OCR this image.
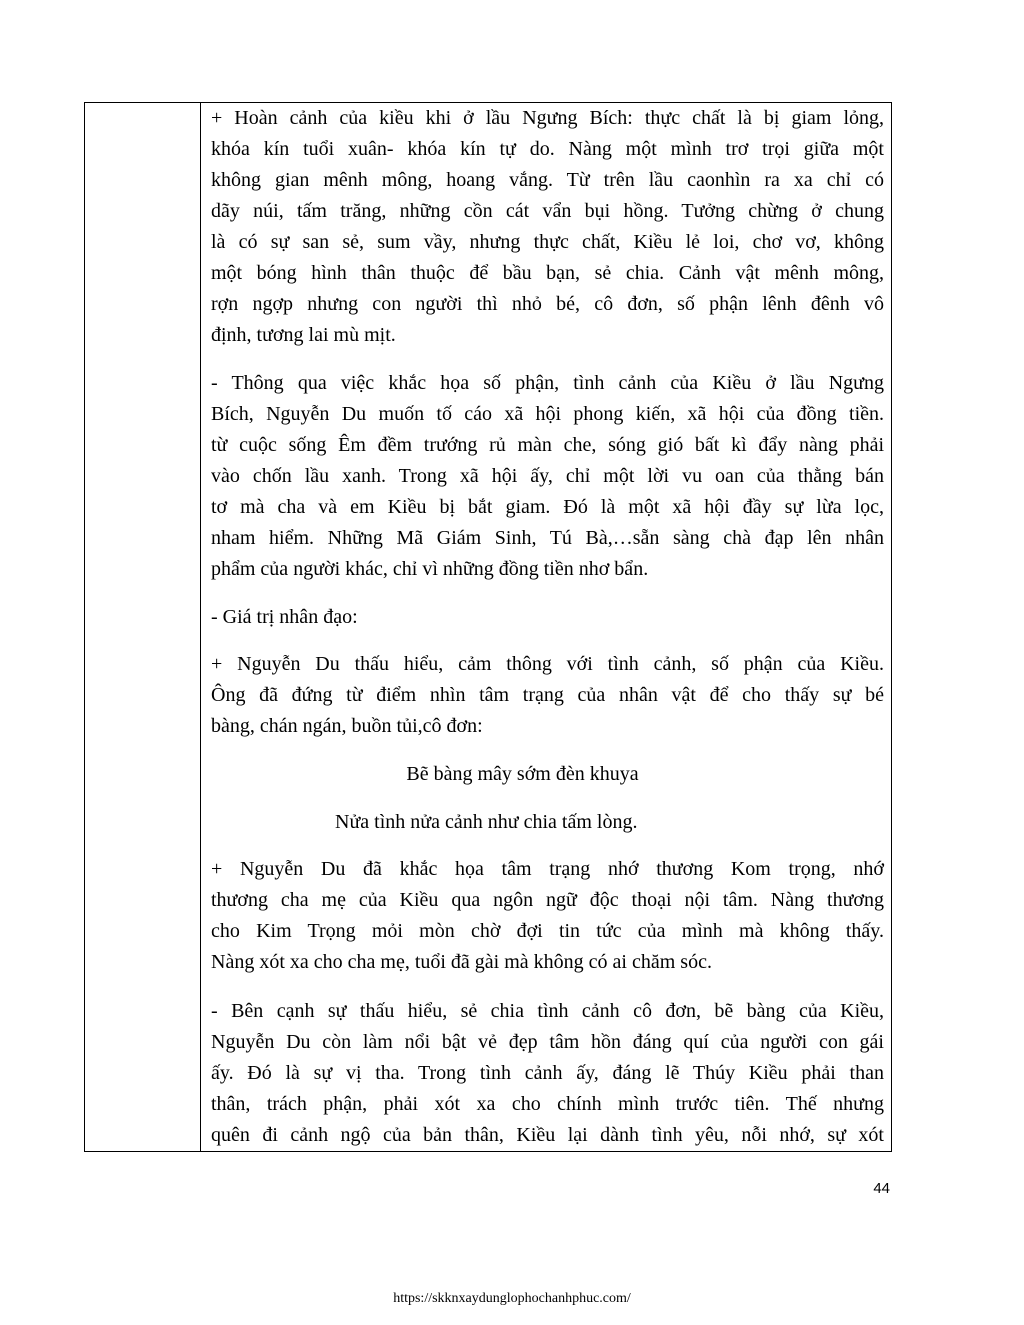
+ Hoàn cảnh của kiều khi ở lầu Ngưng Bích: thực chất là bị giam lỏng,
khóa kín tuổi xuân- khóa kín tự do. Nàng một mình trơ trọi giữa một
không gian mênh mông, hoang vắng. Từ trên lầu caonhìn ra xa chỉ có
dãy núi, tấm trăng, những cồn cát vẩn bụi hồng. Tưởng chừng ở chung
là có sự san sẻ, sum vầy, nhưng thực chất, Kiều lẻ loi, chơ vơ, không
một bóng hình thân thuộc để bầu bạn, sẻ chia. Cảnh vật mênh mông,
rợn ngợp nhưng con người thì nhỏ bé, cô đơn, số phận lênh đênh vô
định, tương lai mù mịt.
- Thông qua việc khắc họa số phận, tình cảnh của Kiều ở lầu Ngưng
Bích, Nguyễn Du muốn tố cáo xã hội phong kiến, xã hội của đồng tiền.
từ cuộc sống Êm đềm trướng rủ màn che, sóng gió bất kì đẩy nàng phải
vào chốn lầu xanh. Trong xã hội ấy, chỉ một lời vu oan của thằng bán
tơ mà cha và em Kiều bị bắt giam. Đó là một xã hội đầy sự lừa lọc,
nham hiểm. Những Mã Giám Sinh, Tú Bà,…sẵn sàng chà đạp lên nhân
phẩm của người khác, chỉ vì những đồng tiền nhơ bẩn.
- Giá trị nhân đạo:
+ Nguyễn Du thấu hiểu, cảm thông với tình cảnh, số phận của Kiều.
Ông đã đứng từ điểm nhìn tâm trạng của nhân vật để cho thấy sự bé
bàng, chán ngán, buồn tủi,cô đơn:
Bẽ bàng mây sớm đèn khuya
Nửa tình nửa cảnh như chia tấm lòng.
+ Nguyễn Du đã khắc họa tâm trạng nhớ thương Kom trọng, nhớ
thương cha mẹ của Kiều qua ngôn ngữ độc thoại nội tâm. Nàng thương
cho Kim Trọng mỏi mòn chờ đợi tin tức của mình mà không thấy.
Nàng xót xa cho cha mẹ, tuổi đã gài mà không có ai chăm sóc.
- Bên cạnh sự thấu hiểu, sẻ chia tình cảnh cô đơn, bẽ bàng của Kiều,
Nguyễn Du còn làm nổi bật vẻ đẹp tâm hồn đáng quí của người con gái
ấy. Đó là sự vị tha. Trong tình cảnh ấy, đáng lẽ Thúy Kiều phải than
thân, trách phận, phải xót xa cho chính mình trước tiên. Thế nhưng
quên đi cảnh ngộ của bản thân, Kiều lại dành tình yêu, nỗi nhớ, sự xót
44
https://skknxaydunglophochanhphuc.com/
